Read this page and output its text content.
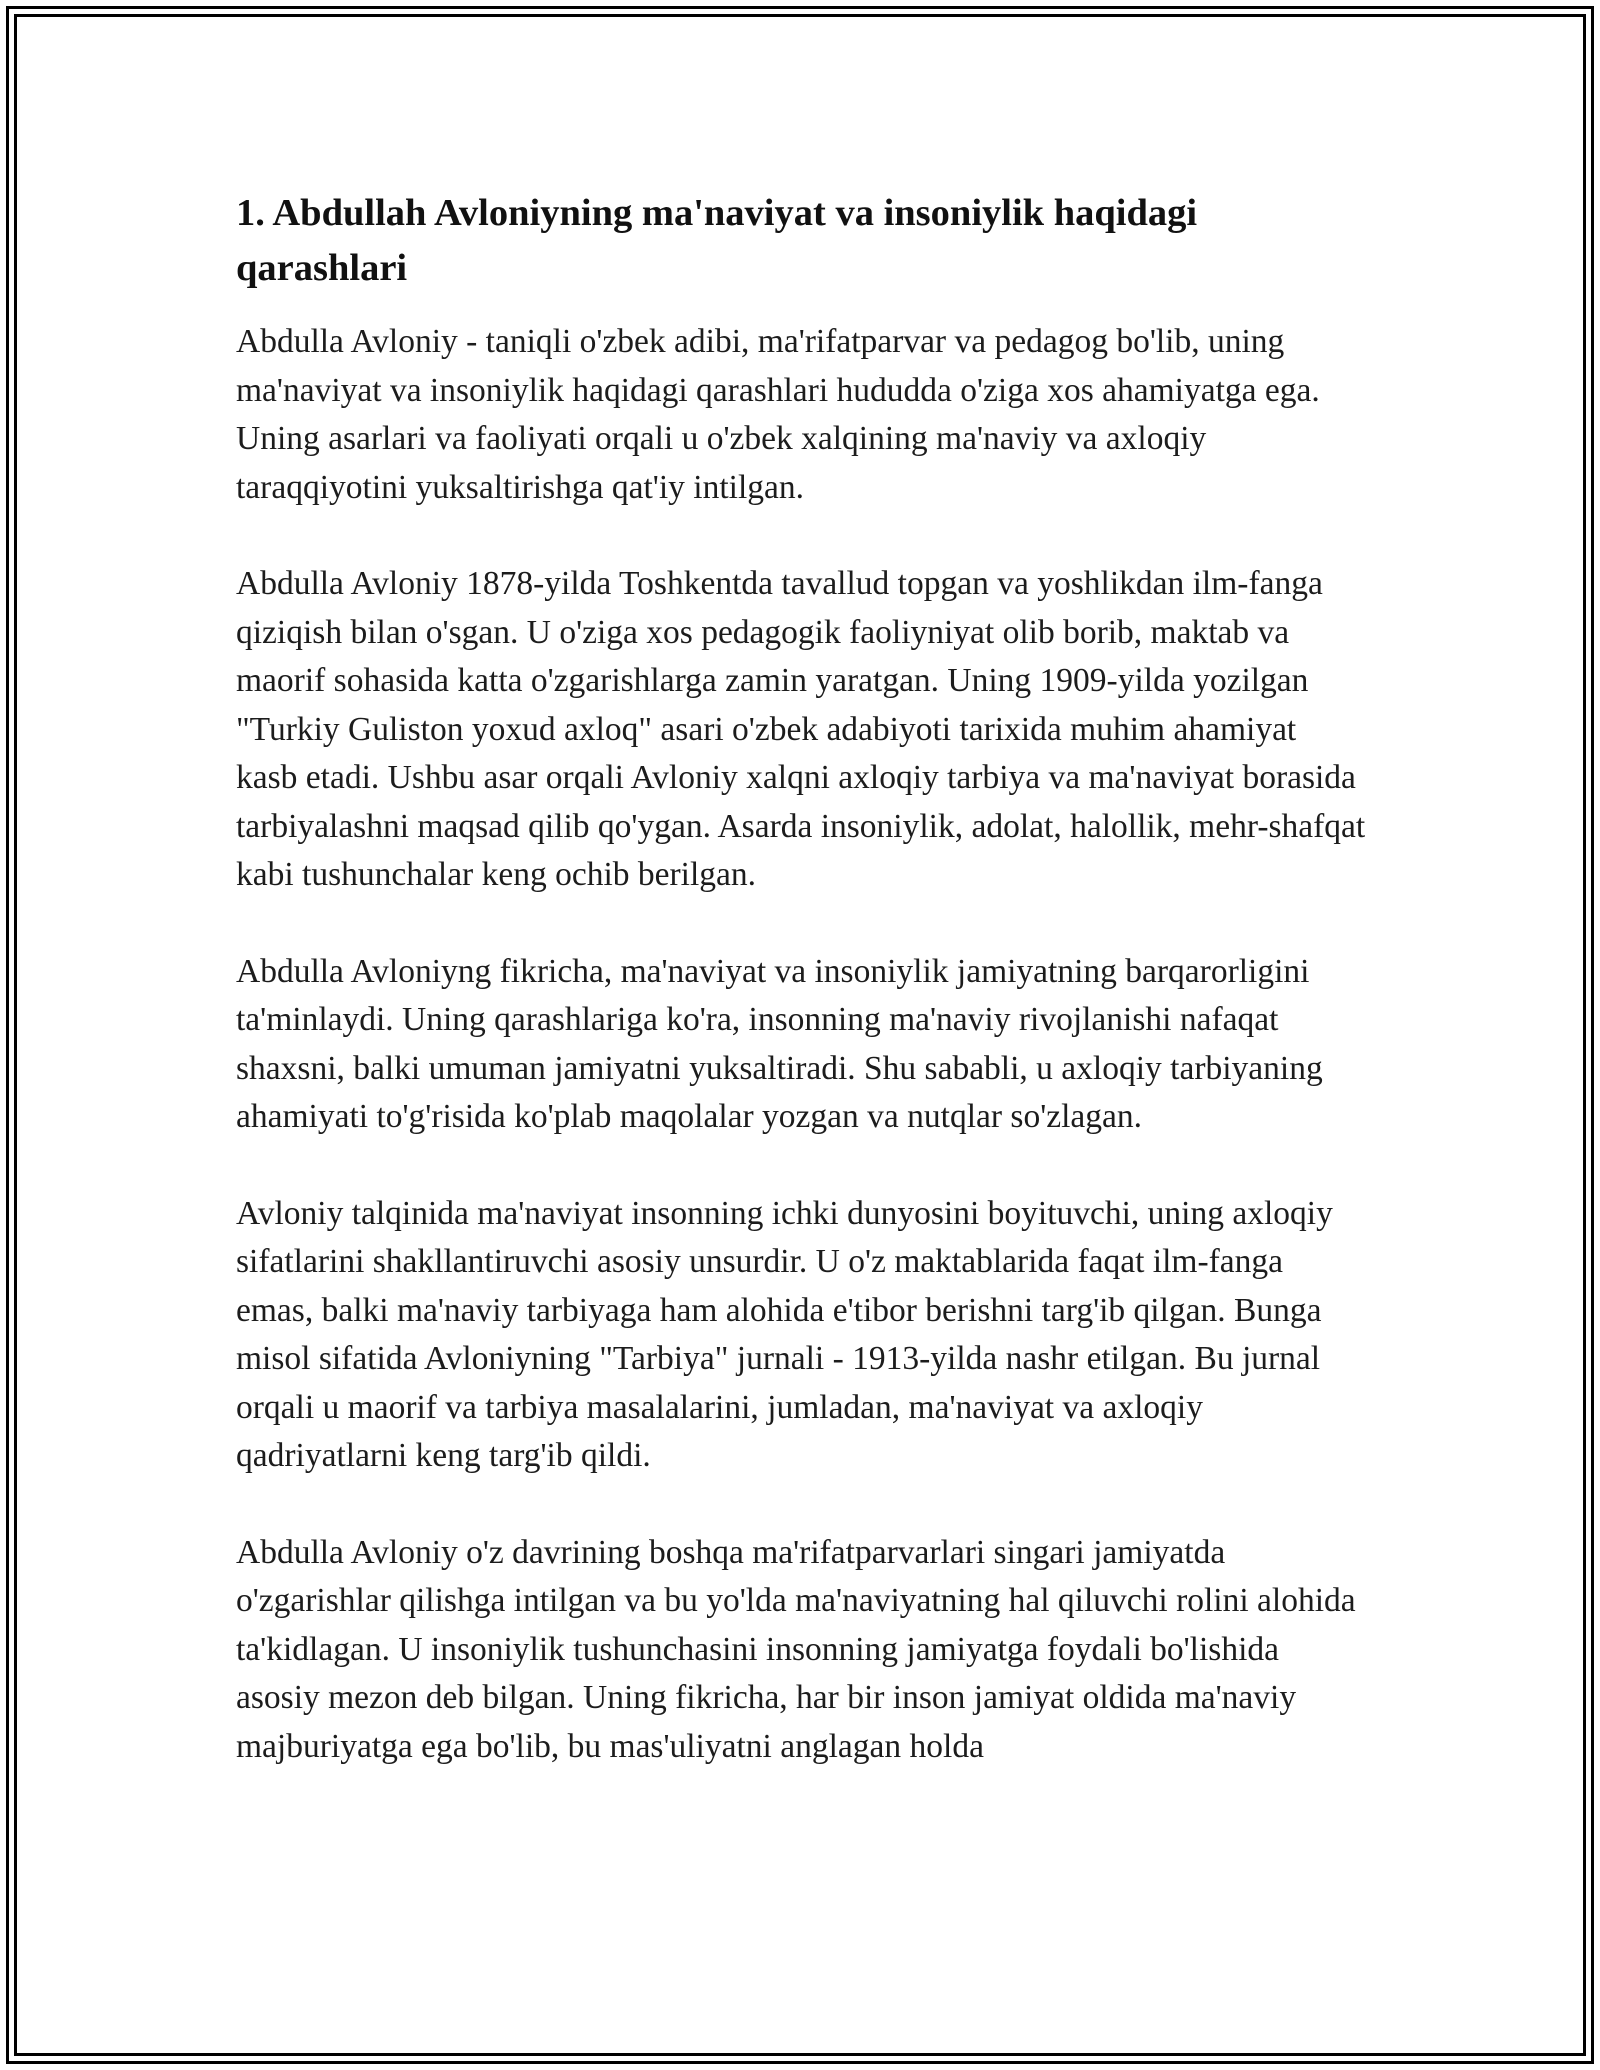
1. Abdullah Avloniyning ma'naviyat va insoniylik haqidagi qarashlari

Abdulla Avloniy - taniqli o'zbek adibi, ma'rifatparvar va pedagog bo'lib, uning ma'naviyat va insoniylik haqidagi qarashlari hududda o'ziga xos ahamiyatga ega. Uning asarlari va faoliyati orqali u o'zbek xalqining ma'naviy va axloqiy taraqqiyotini yuksaltirishga qat'iy intilgan.

Abdulla Avloniy 1878-yilda Toshkentda tavallud topgan va yoshlikdan ilm-fanga qiziqish bilan o'sgan. U o'ziga xos pedagogik faoliyniyat olib borib, maktab va maorif sohasida katta o'zgarishlarga zamin yaratgan. Uning 1909-yilda yozilgan "Turkiy Guliston yoxud axloq" asari o'zbek adabiyoti tarixida muhim ahamiyat kasb etadi. Ushbu asar orqali Avloniy xalqni axloqiy tarbiya va ma'naviyat borasida tarbiyalashni maqsad qilib qo'ygan. Asarda insoniylik, adolat, halollik, mehr-shafqat kabi tushunchalar keng ochib berilgan.

Abdulla Avloniyng fikricha, ma'naviyat va insoniylik jamiyatning barqarorligini ta'minlaydi. Uning qarashlariga ko'ra, insonning ma'naviy rivojlanishi nafaqat shaxsni, balki umuman jamiyatni yuksaltiradi. Shu sababli, u axloqiy tarbiyaning ahamiyati to'g'risida ko'plab maqolalar yozgan va nutqlar so'zlagan.

Avloniy talqinida ma'naviyat insonning ichki dunyosini boyituvchi, uning axloqiy sifatlarini shakllantiruvchi asosiy unsurdir. U o'z maktablarida faqat ilm-fanga emas, balki ma'naviy tarbiyaga ham alohida e'tibor berishni targ'ib qilgan. Bunga misol sifatida Avloniyning "Tarbiya" jurnali - 1913-yilda nashr etilgan. Bu jurnal orqali u maorif va tarbiya masalalarini, jumladan, ma'naviyat va axloqiy qadriyatlarni keng targ'ib qildi.

Abdulla Avloniy o'z davrining boshqa ma'rifatparvarlari singari jamiyatda o'zgarishlar qilishga intilgan va bu yo'lda ma'naviyatning hal qiluvchi rolini alohida ta'kidlagan. U insoniylik tushunchasini insonning jamiyatga foydali bo'lishida asosiy mezon deb bilgan. Uning fikricha, har bir inson jamiyat oldida ma'naviy majburiyatga ega bo'lib, bu mas'uliyatni anglagan holda
